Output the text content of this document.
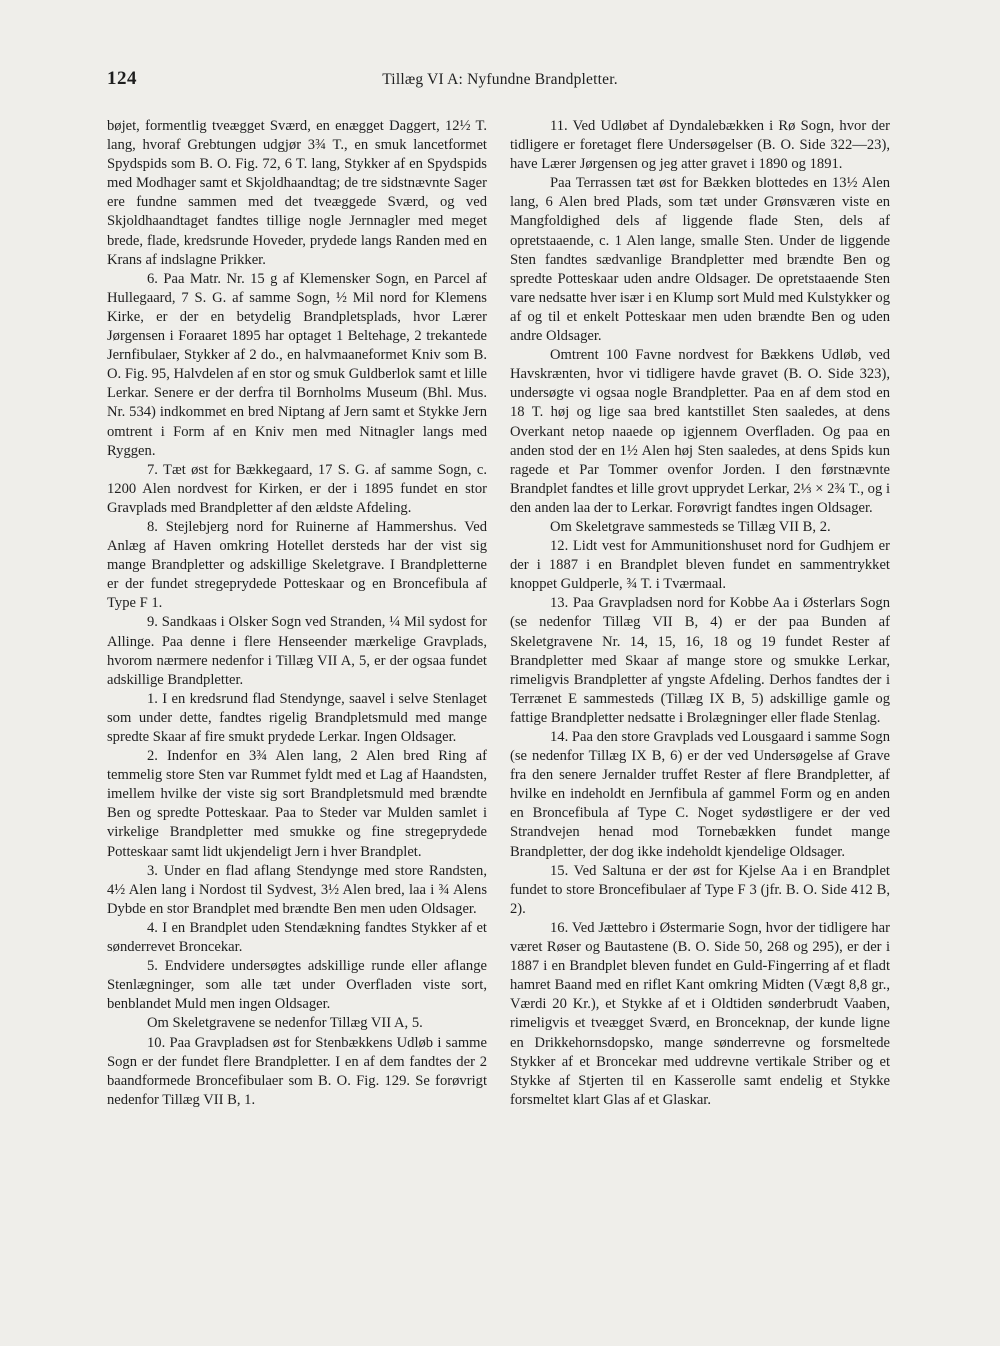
124	Tillæg VI A: Nyfundne Brandpletter.

bøjet, formentlig tveægget Sværd, en enægget Daggert, 12½ T. lang, hvoraf Grebtungen udgjør 3¾ T., en smuk lancetformet Spydspids som B. O. Fig. 72, 6 T. lang, Stykker af en Spydspids med Modhager samt et Skjoldhaandtag; de tre sidstnævnte Sager ere fundne sammen med det tveæggede Sværd, og ved Skjoldhaandtaget fandtes tillige nogle Jernnagler med meget brede, flade, kredsrunde Hoveder, prydede langs Randen med en Krans af indslagne Prikker.

6. Paa Matr. Nr. 15 g af Klemensker Sogn, en Parcel af Hullegaard, 7 S. G. af samme Sogn, ½ Mil nord for Klemens Kirke, er der en betydelig Brandpletsplads, hvor Lærer Jørgensen i Foraaret 1895 har optaget 1 Beltehage, 2 trekantede Jernfibulaer, Stykker af 2 do., en halvmaaneformet Kniv som B. O. Fig. 95, Halvdelen af en stor og smuk Guldberlok samt et lille Lerkar. Senere er der derfra til Bornholms Museum (Bhl. Mus. Nr. 534) indkommet en bred Niptang af Jern samt et Stykke Jern omtrent i Form af en Kniv men med Nitnagler langs med Ryggen.

7. Tæt øst for Bækkegaard, 17 S. G. af samme Sogn, c. 1200 Alen nordvest for Kirken, er der i 1895 fundet en stor Gravplads med Brandpletter af den ældste Afdeling.

8. Stejlebjerg nord for Ruinerne af Hammershus. Ved Anlæg af Haven omkring Hotellet dersteds har der vist sig mange Brandpletter og adskillige Skeletgrave. I Brandpletterne er der fundet stregeprydede Potteskaar og en Broncefibula af Type F 1.

9. Sandkaas i Olsker Sogn ved Stranden, ¼ Mil sydost for Allinge. Paa denne i flere Henseender mærkelige Gravplads, hvorom nærmere nedenfor i Tillæg VII A, 5, er der ogsaa fundet adskillige Brandpletter.

1. I en kredsrund flad Stendynge, saavel i selve Stenlaget som under dette, fandtes rigelig Brandpletsmuld med mange spredte Skaar af fire smukt prydede Lerkar. Ingen Oldsager.

2. Indenfor en 3¾ Alen lang, 2 Alen bred Ring af temmelig store Sten var Rummet fyldt med et Lag af Haandsten, imellem hvilke der viste sig sort Brandpletsmuld med brændte Ben og spredte Potteskaar. Paa to Steder var Mulden samlet i virkelige Brandpletter med smukke og fine stregeprydede Potteskaar samt lidt ukjendeligt Jern i hver Brandplet.

3. Under en flad aflang Stendynge med store Randsten, 4½ Alen lang i Nordost til Sydvest, 3½ Alen bred, laa i ¾ Alens Dybde en stor Brandplet med brændte Ben men uden Oldsager.

4. I en Brandplet uden Stendækning fandtes Stykker af et sønderrevet Broncekar.

5. Endvidere undersøgtes adskillige runde eller aflange Stenlægninger, som alle tæt under Overfladen viste sort, benblandet Muld men ingen Oldsager.

Om Skeletgravene se nedenfor Tillæg VII A, 5.

10. Paa Gravpladsen øst for Stenbækkens Udløb i samme Sogn er der fundet flere Brandpletter. I en af dem fandtes der 2 baandformede Broncefibulaer som B. O. Fig. 129. Se forøvrigt nedenfor Tillæg VII B, 1.

11. Ved Udløbet af Dyndalebækken i Rø Sogn, hvor der tidligere er foretaget flere Undersøgelser (B. O. Side 322—23), have Lærer Jørgensen og jeg atter gravet i 1890 og 1891.

Paa Terrassen tæt øst for Bækken blottedes en 13½ Alen lang, 6 Alen bred Plads, som tæt under Grønsværen viste en Mangfoldighed dels af liggende flade Sten, dels af opretstaaende, c. 1 Alen lange, smalle Sten. Under de liggende Sten fandtes sædvanlige Brandpletter med brændte Ben og spredte Potteskaar uden andre Oldsager. De opretstaaende Sten vare nedsatte hver især i en Klump sort Muld med Kulstykker og af og til et enkelt Potteskaar men uden brændte Ben og uden andre Oldsager.

Omtrent 100 Favne nordvest for Bækkens Udløb, ved Havskrænten, hvor vi tidligere havde gravet (B. O. Side 323), undersøgte vi ogsaa nogle Brandpletter. Paa en af dem stod en 18 T. høj og lige saa bred kantstillet Sten saaledes, at dens Overkant netop naaede op igjennem Overfladen. Og paa en anden stod der en 1½ Alen høj Sten saaledes, at dens Spids kun ragede et Par Tommer ovenfor Jorden. I den førstnævnte Brandplet fandtes et lille grovt upprydet Lerkar, 2⅓ × 2¾ T., og i den anden laa der to Lerkar. Forøvrigt fandtes ingen Oldsager.

Om Skeletgrave sammesteds se Tillæg VII B, 2.

12. Lidt vest for Ammunitionshuset nord for Gudhjem er der i 1887 i en Brandplet bleven fundet en sammentrykket knoppet Guldperle, ¾ T. i Tværmaal.

13. Paa Gravpladsen nord for Kobbe Aa i Østerlars Sogn (se nedenfor Tillæg VII B, 4) er der paa Bunden af Skeletgravene Nr. 14, 15, 16, 18 og 19 fundet Rester af Brandpletter med Skaar af mange store og smukke Lerkar, rimeligvis Brandpletter af yngste Afdeling. Derhos fandtes der i Terrænet E sammesteds (Tillæg IX B, 5) adskillige gamle og fattige Brandpletter nedsatte i Brolægninger eller flade Stenlag.

14. Paa den store Gravplads ved Lousgaard i samme Sogn (se nedenfor Tillæg IX B, 6) er der ved Undersøgelse af Grave fra den senere Jernalder truffet Rester af flere Brandpletter, af hvilke en indeholdt en Jernfibula af gammel Form og en anden en Broncefibula af Type C. Noget sydøstligere er der ved Strandvejen henad mod Tornebækken fundet mange Brandpletter, der dog ikke indeholdt kjendelige Oldsager.

15. Ved Saltuna er der øst for Kjelse Aa i en Brandplet fundet to store Broncefibulaer af Type F 3 (jfr. B. O. Side 412 B, 2).

16. Ved Jættebro i Østermarie Sogn, hvor der tidligere har været Røser og Bautastene (B. O. Side 50, 268 og 295), er der i 1887 i en Brandplet bleven fundet en Guld-Fingerring af et fladt hamret Baand med en riflet Kant omkring Midten (Vægt 8,8 gr., Værdi 20 Kr.), et Stykke af et i Oldtiden sønderbrudt Vaaben, rimeligvis et tveægget Sværd, en Bronceknap, der kunde ligne en Drikkehornsdopsko, mange sønderrevne og forsmeltede Stykker af et Broncekar med uddrevne vertikale Striber og et Stykke af Stjerten til en Kasserolle samt endelig et Stykke forsmeltet klart Glas af et Glaskar.
